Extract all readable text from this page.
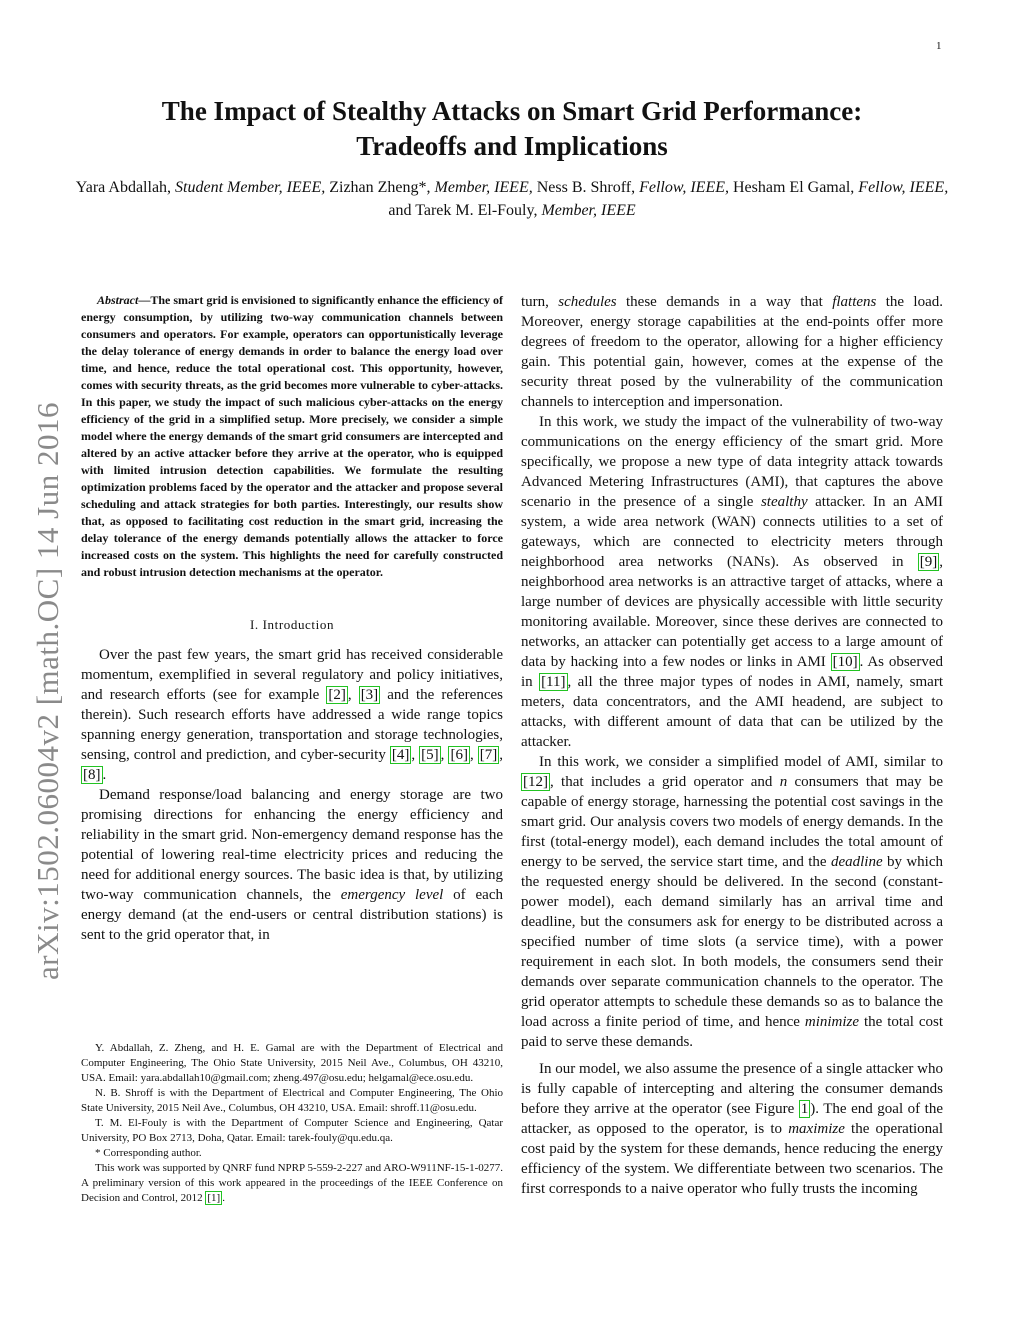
1
arXiv:1502.06004v2 [math.OC] 14 Jun 2016
The Impact of Stealthy Attacks on Smart Grid Performance:
Tradeoffs and Implications

Yara Abdallah, Student Member, IEEE, Zizhan Zheng*, Member, IEEE, Ness B. Shroff, Fellow, IEEE, Hesham El Gamal, Fellow, IEEE, and Tarek M. El-Fouly, Member, IEEE

Abstract—The smart grid is envisioned to significantly enhance the efficiency of energy consumption, by utilizing two-way communication channels between consumers and operators. For example, operators can opportunistically leverage the delay tolerance of energy demands in order to balance the energy load over time, and hence, reduce the total operational cost. This opportunity, however, comes with security threats, as the grid becomes more vulnerable to cyber-attacks. In this paper, we study the impact of such malicious cyber-attacks on the energy efficiency of the grid in a simplified setup. More precisely, we consider a simple model where the energy demands of the smart grid consumers are intercepted and altered by an active attacker before they arrive at the operator, who is equipped with limited intrusion detection capabilities. We formulate the resulting optimization problems faced by the operator and the attacker and propose several scheduling and attack strategies for both parties. Interestingly, our results show that, as opposed to facilitating cost reduction in the smart grid, increasing the delay tolerance of the energy demands potentially allows the attacker to force increased costs on the system. This highlights the need for carefully constructed and robust intrusion detection mechanisms at the operator.

I. Introduction

Over the past few years, the smart grid has received considerable momentum, exemplified in several regulatory and policy initiatives, and research efforts (see for example [2] , [3] and the references therein). Such research efforts have addressed a wide range topics spanning energy generation, transportation and storage technologies, sensing, control and prediction, and cyber-security [4] , [5] , [6] , [7] , [8] .

Demand response/load balancing and energy storage are two promising directions for enhancing the energy efficiency and reliability in the smart grid. Non-emergency demand response has the potential of lowering real-time electricity prices and reducing the need for additional energy sources. The basic idea is that, by utilizing two-way communication channels, the emergency level of each energy demand (at the end-users or central distribution stations) is sent to the grid operator that, in

Y. Abdallah, Z. Zheng, and H. E. Gamal are with the Department of Electrical and Computer Engineering, The Ohio State University, 2015 Neil Ave., Columbus, OH 43210, USA. Email: yara.abdallah10@gmail.com; zheng.497@osu.edu; helgamal@ece.osu.edu.

N. B. Shroff is with the Department of Electrical and Computer Engineering, The Ohio State University, 2015 Neil Ave., Columbus, OH 43210, USA. Email: shroff.11@osu.edu.

T. M. El-Fouly is with the Department of Computer Science and Engineering, Qatar University, PO Box 2713, Doha, Qatar. Email: tarek-fouly@qu.edu.qa.

* Corresponding author.

This work was supported by QNRF fund NPRP 5-559-2-227 and ARO-W911NF-15-1-0277. A preliminary version of this work appeared in the proceedings of the IEEE Conference on Decision and Control, 2012 [1] .

turn, schedules these demands in a way that flattens the load. Moreover, energy storage capabilities at the end-points offer more degrees of freedom to the operator, allowing for a higher efficiency gain. This potential gain, however, comes at the expense of the security threat posed by the vulnerability of the communication channels to interception and impersonation.

In this work, we study the impact of the vulnerability of two-way communications on the energy efficiency of the smart grid. More specifically, we propose a new type of data integrity attack towards Advanced Metering Infrastructures (AMI), that captures the above scenario in the presence of a single stealthy attacker. In an AMI system, a wide area network (WAN) connects utilities to a set of gateways, which are connected to electricity meters through neighborhood area networks (NANs). As observed in [9] , neighborhood area networks is an attractive target of attacks, where a large number of devices are physically accessible with little security monitoring available. Moreover, since these derives are connected to networks, an attacker can potentially get access to a large amount of data by hacking into a few nodes or links in AMI [10] . As observed in [11] , all the three major types of nodes in AMI, namely, smart meters, data concentrators, and the AMI headend, are subject to attacks, with different amount of data that can be utilized by the attacker.

In this work, we consider a simplified model of AMI, similar to [12] , that includes a grid operator and n consumers that may be capable of energy storage, harnessing the potential cost savings in the smart grid. Our analysis covers two models of energy demands. In the first (total-energy model), each demand includes the total amount of energy to be served, the service start time, and the deadline by which the requested energy should be delivered. In the second (constant-power model), each demand similarly has an arrival time and deadline, but the consumers ask for energy to be distributed across a specified number of time slots (a service time), with a power requirement in each slot. In both models, the consumers send their demands over separate communication channels to the operator. The grid operator attempts to schedule these demands so as to balance the load across a finite period of time, and hence minimize the total cost paid to serve these demands.

In our model, we also assume the presence of a single attacker who is fully capable of intercepting and altering the consumer demands before they arrive at the operator (see Figure 1 ). The end goal of the attacker, as opposed to the operator, is to maximize the operational cost paid by the system for these demands, hence reducing the energy efficiency of the system. We differentiate between two scenarios. The first corresponds to a naive operator who fully trusts the incoming
